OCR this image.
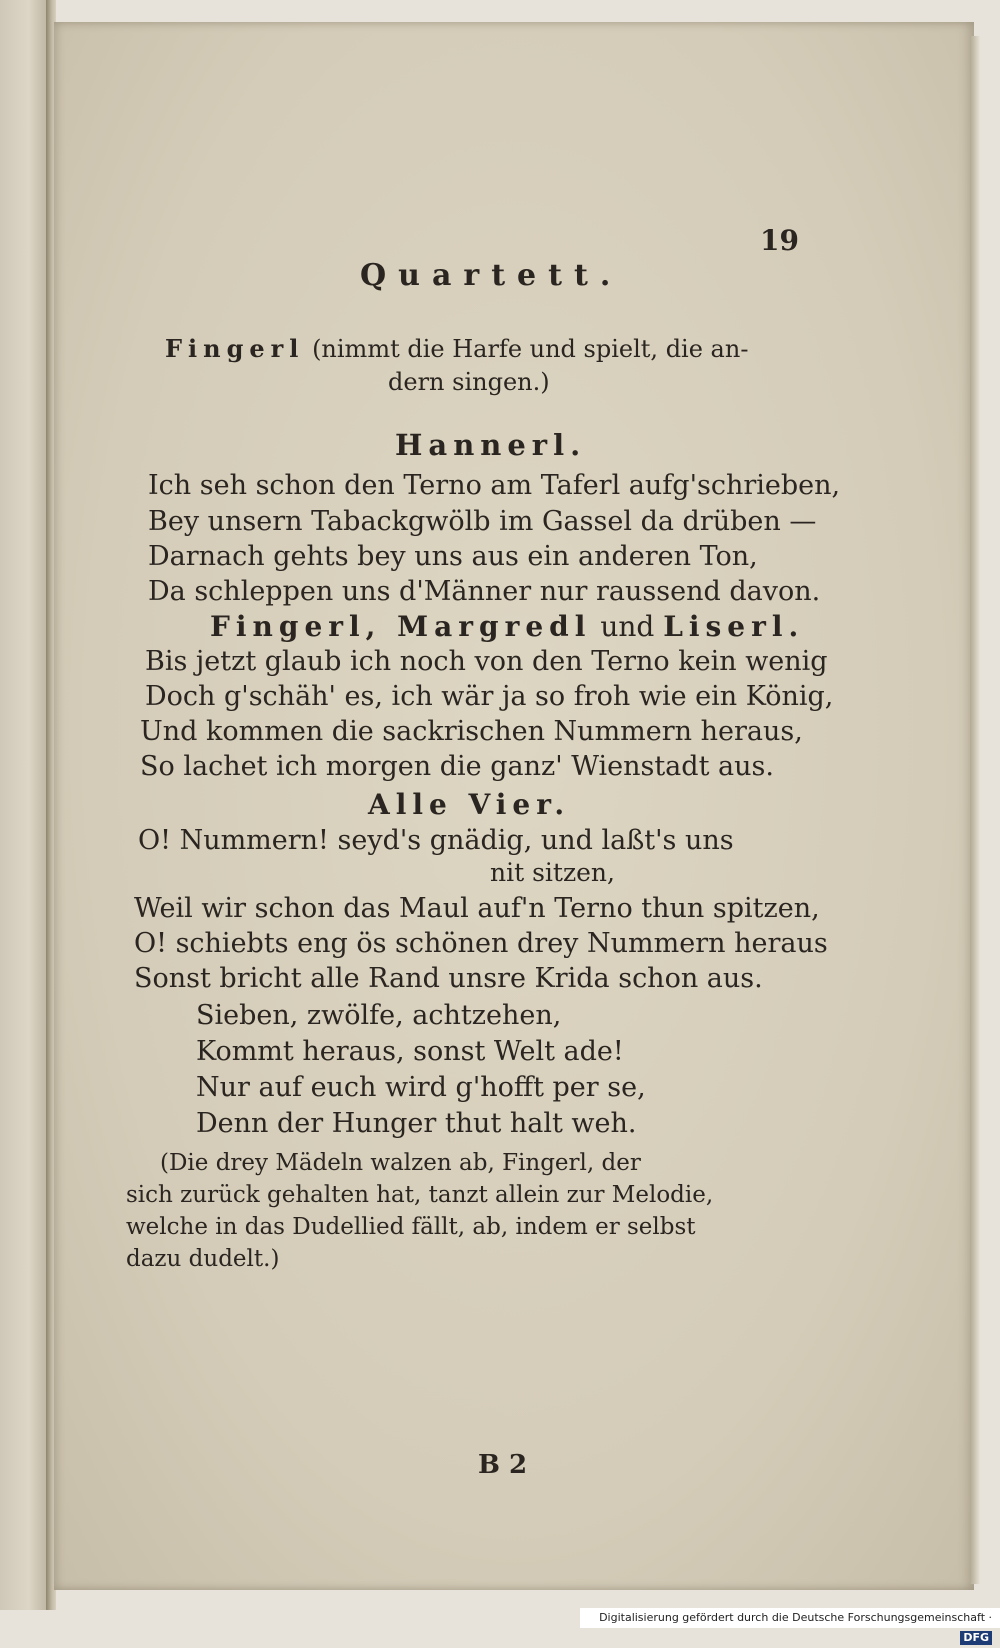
19
Quartett.
Fingerl (nimmt die Harfe und spielt, die an-
dern singen.)
Hannerl.
Ich seh schon den Terno am Taferl aufg'schrieben,
Bey unsern Tabackgwölb im Gassel da drüben —
Darnach gehts bey uns aus ein anderen Ton,
Da schleppen uns d'Männer nur raussend davon.
Fingerl, Margredl und Liserl.
Bis jetzt glaub ich noch von den Terno kein wenig
Doch g'schäh' es, ich wär ja so froh wie ein König,
Und kommen die sackrischen Nummern heraus,
So lachet ich morgen die ganz' Wienstadt aus.
Alle Vier.
O! Nummern! seyd's gnädig, und laßt's uns
nit sitzen,
Weil wir schon das Maul auf'n Terno thun spitzen,
O! schiebts eng ös schönen drey Nummern heraus
Sonst bricht alle Rand unsre Krida schon aus.
Sieben, zwölfe, achtzehen,
Kommt heraus, sonst Welt ade!
Nur auf euch wird g'hofft per se,
Denn der Hunger thut halt weh.
(Die drey Mädeln walzen ab, Fingerl, der
sich zurück gehalten hat, tanzt allein zur Melodie,
welche in das Dudellied fällt, ab, indem er selbst
dazu dudelt.)
B 2
Digitalisierung gefördert durch die Deutsche Forschungsgemeinschaft ·DFG
